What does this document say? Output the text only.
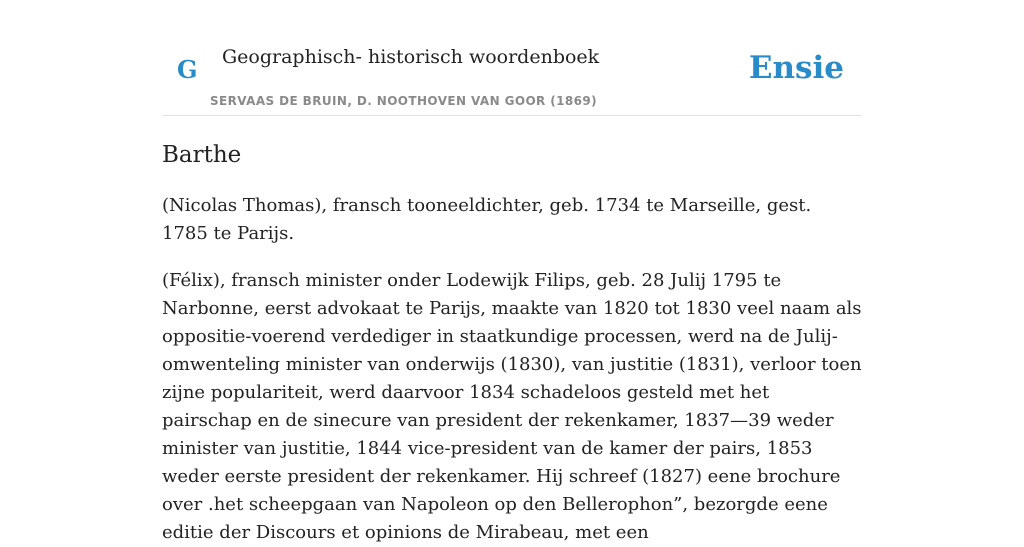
G Geographisch- historisch woordenboek
SERVAAS DE BRUIN, D. NOOTHOVEN VAN GOOR (1869)
Ensie
Barthe

(Nicolas Thomas), fransch tooneeldichter, geb. 1734 te Marseille, gest. 1785 te Parijs.

(Félix), fransch minister onder Lodewijk Filips, geb. 28 Julij 1795 te Narbonne, eerst advokaat te Parijs, maakte van 1820 tot 1830 veel naam als oppositie-voerend verdediger in staatkundige processen, werd na de Julij-omwenteling minister van onderwijs (1830), van justitie (1831), verloor toen zijne populariteit, werd daarvoor 1834 schadeloos gesteld met het pairschap en de sinecure van president der rekenkamer, 1837—39 weder minister van justitie, 1844 vice-president van de kamer der pairs, 1853 weder eerste president der rekenkamer. Hij schreef (1827) eene brochure over .het scheepgaan van Napoleon op den Bellerophon”, bezorgde eene editie der Discours et opinions de Mirabeau, met een
